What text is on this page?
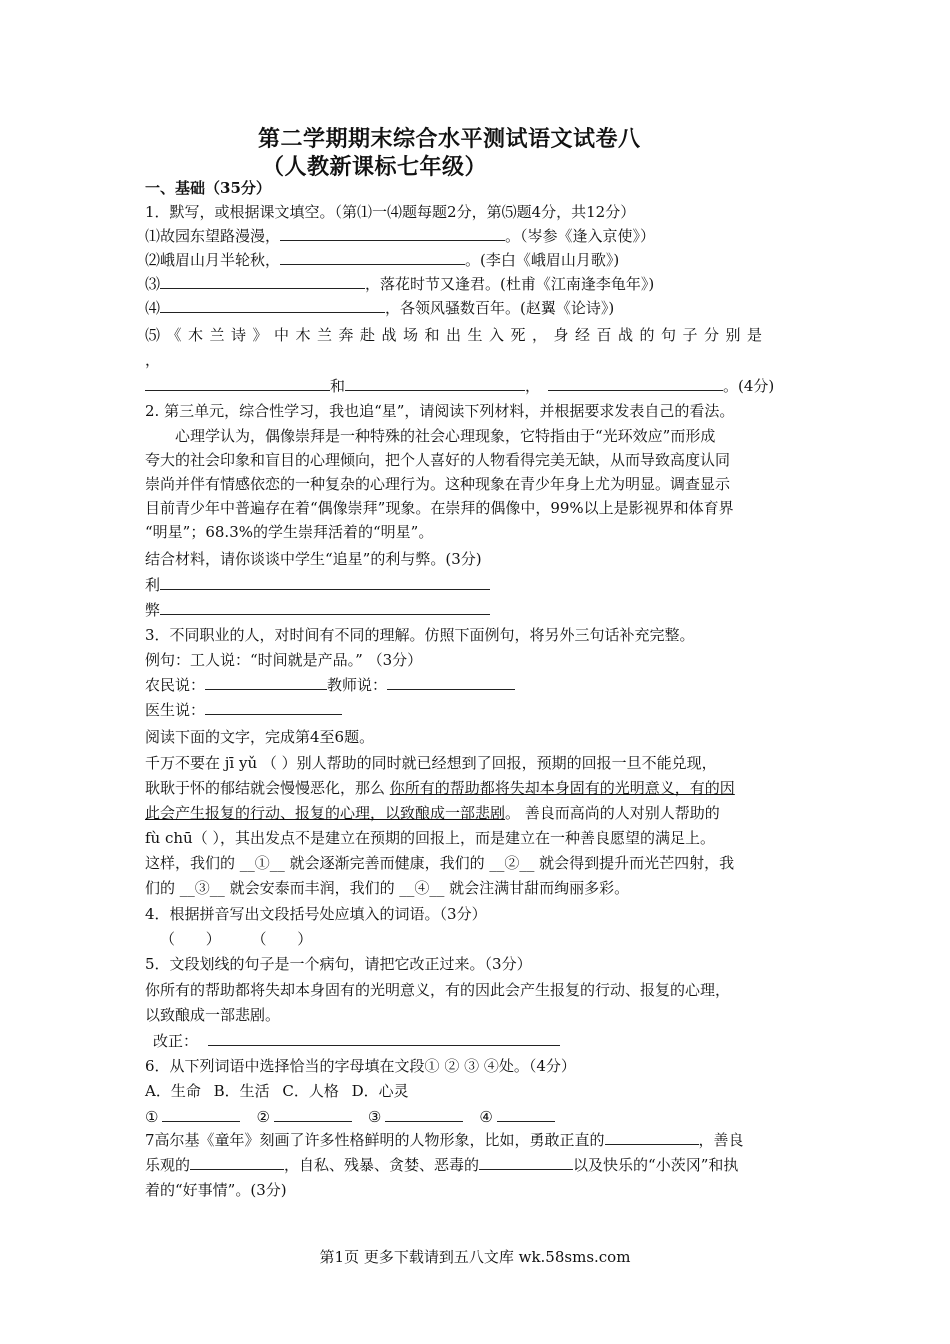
第二学期期末综合水平测试语文试卷八
（人教新课标七年级）
一、基础（35分）
1．默写，或根据课文填空。（第⑴一⑷题每题2分，第⑸题4分，共12分）
⑴故园东望路漫漫，	。（岑参《逢入京使》）
⑵峨眉山月半轮秋，	。(李白《峨眉山月歌》)
⑶	，落花时节又逢君。(杜甫《江南逢李龟年》)
⑷	，各领风骚数百年。(赵翼《论诗》)
⑸《木兰诗》中木兰奔赴战场和出生入死，身经百战的句子分别是
，
和	，	。(4分)
2. 第三单元，综合性学习，我也追“星”，请阅读下列材料，并根据要求发表自己的看法。
心理学认为，偶像崇拜是一种特殊的社会心理现象，它特指由于“光环效应”而形成
夸大的社会印象和盲目的心理倾向，把个人喜好的人物看得完美无缺，从而导致高度认同
崇尚并伴有情感依恋的一种复杂的心理行为。这种现象在青少年身上尤为明显。调查显示
目前青少年中普遍存在着“偶像崇拜”现象。在崇拜的偶像中，99%以上是影视界和体育界
“明星”；68.3%的学生崇拜活着的“明星”。
结合材料，请你谈谈中学生“追星”的利与弊。(3分)
利
弊
3．不同职业的人，对时间有不同的理解。仿照下面例句，将另外三句话补充完整。
例句：工人说：“时间就是产品。” （3分）
农民说：	教师说：
医生说：
阅读下面的文字，完成第4至6题。
千万不要在 jī yǔ （ ）别人帮助的同时就已经想到了回报，预期的回报一旦不能兑现，
耿耿于怀的郁结就会慢慢恶化，那么 你所有的帮助都将失却本身固有的光明意义，有的因
此会产生报复的行动、报复的心理，以致酿成一部悲剧。 善良而高尚的人对别人帮助的
fù chū（ ），其出发点不是建立在预期的回报上，而是建立在一种善良愿望的满足上。
这样，我们的 __①__ 就会逐渐完善而健康，我们的 __②__ 就会得到提升而光芒四射，我
们的 __③__ 就会安泰而丰润，我们的 __④__ 就会注满甘甜而绚丽多彩。
4．根据拼音写出文段括号处应填入的词语。（3分）
（ ） （ ）
5．文段划线的句子是一个病句，请把它改正过来。（3分）
你所有的帮助都将失却本身固有的光明意义，有的因此会产生报复的行动、报复的心理，
以致酿成一部悲剧。
改正：
6．从下列词语中选择恰当的字母填在文段① ② ③ ④处。（4分）
A．生命 B．生活 C．人格 D．心灵
①	②	③	④
7高尔基《童年》刻画了许多性格鲜明的人物形象，比如，勇敢正直的	，善良
乐观的	，自私、残暴、贪婪、恶毒的	以及快乐的“小茨冈”和执
着的“好事情”。(3分)
第1页 更多下载请到五八文库 wk.58sms.com
